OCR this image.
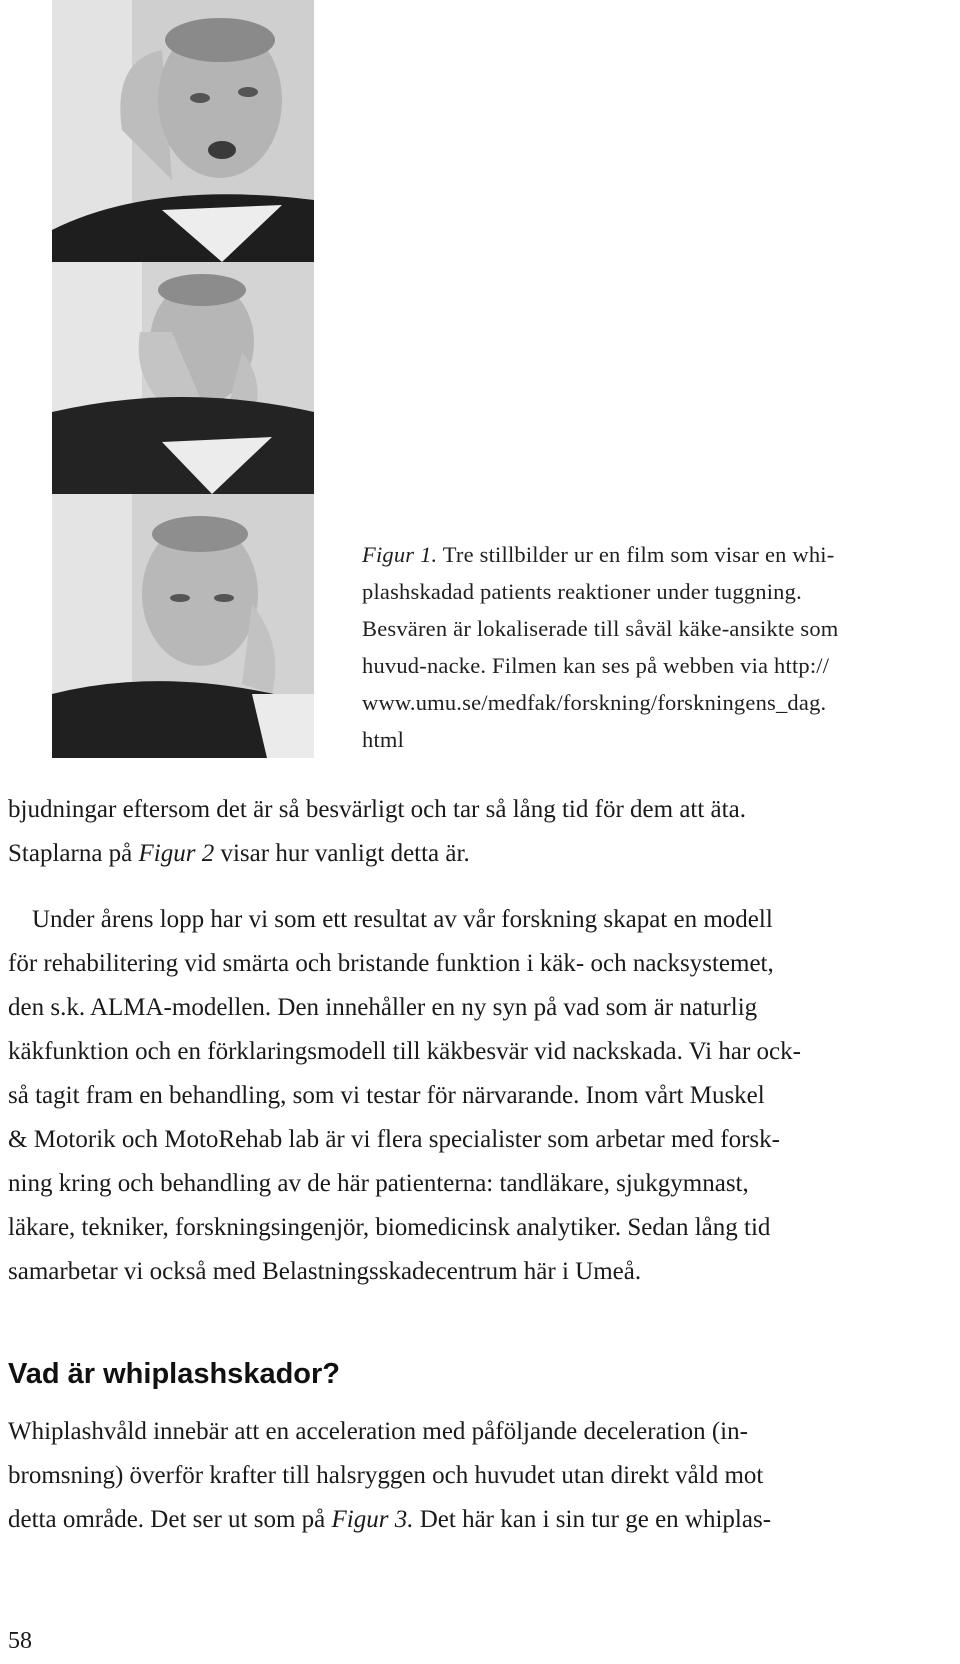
Figur 1. Tre stillbilder ur en film som visar en whi-
plashskadad patients reaktioner under tuggning.
Besvären är lokaliserade till såväl käke-ansikte som
huvud-nacke. Filmen kan ses på webben via http://
www.umu.se/medfak/forskning/forskningens_dag.
html
bjudningar eftersom det är så besvärligt och tar så lång tid för dem att äta.
Staplarna på Figur 2 visar hur vanligt detta är.
Under årens lopp har vi som ett resultat av vår forskning skapat en modell
för rehabilitering vid smärta och bristande funktion i käk- och nacksystemet,
den s.k. ALMA-modellen. Den innehåller en ny syn på vad som är naturlig
käkfunktion och en förklaringsmodell till käkbesvär vid nackskada. Vi har ock-
så tagit fram en behandling, som vi testar för närvarande. Inom vårt Muskel
& Motorik och MotoRehab lab är vi flera specialister som arbetar med forsk-
ning kring och behandling av de här patienterna: tandläkare, sjukgymnast,
läkare, tekniker, forskningsingenjör, biomedicinsk analytiker. Sedan lång tid
samarbetar vi också med Belastningsskadecentrum här i Umeå.
Vad är whiplashskador?
Whiplashvåld innebär att en acceleration med påföljande deceleration (in-
bromsning) överför krafter till halsryggen och huvudet utan direkt våld mot
detta område. Det ser ut som på Figur 3. Det här kan i sin tur ge en whiplas-
58
